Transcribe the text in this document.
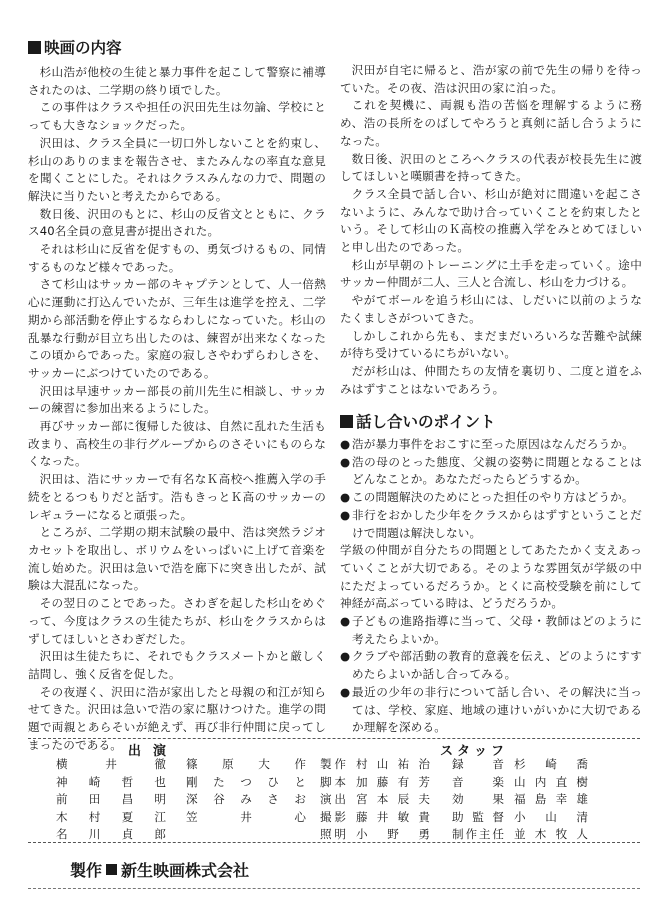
映画の内容

杉山浩が他校の生徒と暴力事件を起こして警察に補導されたのは、二学期の終り頃でした。

この事件はクラスや担任の沢田先生は勿論、学校にとっても大きなショックだった。

沢田は、クラス全員に一切口外しないことを約束し、杉山のありのままを報告させ、またみんなの率直な意見を聞くことにした。それはクラスみんなの力で、問題の解決に当りたいと考えたからである。

数日後、沢田のもとに、杉山の反省文とともに、クラス40名全員の意見書が提出された。

それは杉山に反省を促すもの、勇気づけるもの、同情するものなど様々であった。

さて杉山はサッカー部のキャプテンとして、人一倍熱心に運動に打込んでいたが、三年生は進学を控え、二学期から部活動を停止するならわしになっていた。杉山の乱暴な行動が目立ち出したのは、練習が出来なくなったこの頃からであった。家庭の寂しさやわずらわしさを、サッカーにぶつけていたのである。

沢田は早速サッカー部長の前川先生に相談し、サッカーの練習に参加出来るようにした。

再びサッカー部に復帰した彼は、自然に乱れた生活も改まり、高校生の非行グループからのさそいにものらなくなった。

沢田は、浩にサッカーで有名なＫ高校へ推薦入学の手続をとるつもりだと話す。浩もきっとＫ高のサッカーのレギュラーになると頑張った。

ところが、二学期の期末試験の最中、浩は突然ラジオカセットを取出し、ボリウムをいっぱいに上げて音楽を流し始めた。沢田は急いで浩を廊下に突き出したが、試験は大混乱になった。

その翌日のことであった。さわぎを起した杉山をめぐって、今度はクラスの生徒たちが、杉山をクラスからはずしてほしいとさわぎだした。

沢田は生徒たちに、それでもクラスメートかと厳しく詰問し、強く反省を促した。

その夜遅く、沢田に浩が家出したと母親の和江が知らせてきた。沢田は急いで浩の家に駆けつけた。進学の問題で両親とあらそいが絶えず、再び非行仲間に戻ってしまったのである。

沢田が自宅に帰ると、浩が家の前で先生の帰りを待っていた。その夜、浩は沢田の家に泊った。

これを契機に、両親も浩の苦悩を理解するように務め、浩の長所をのばしてやろうと真剣に話し合うようになった。

数日後、沢田のところへクラスの代表が校長先生に渡してほしいと嘆願書を持ってきた。

クラス全員で話し合い、杉山が絶対に間違いを起こさないように、みんなで助け合っていくことを約束したという。そして杉山のＫ高校の推薦入学をみとめてほしいと申し出たのであった。

杉山が早朝のトレーニングに土手を走っていく。途中サッカー仲間が二人、三人と合流し、杉山を力づける。

やがてボールを追う杉山には、しだいに以前のようなたくましさがついてきた。

しかしこれから先も、まだまだいろいろな苦難や試練が待ち受けているにちがいない。

だが杉山は、仲間たちの友情を裏切り、二度と道をふみはずすことはないであろう。

話し合いのポイント
● 浩が暴力事件をおこすに至った原因はなんだろうか。
● 浩の母のとった態度、父親の姿勢に問題となることはどんなことか。あなただったらどうするか。
● この問題解決のためにとった担任のやり方はどうか。
● 非行をおかした少年をクラスからはずすということだけで問題は解決しない。
学級の仲間が自分たちの問題としてあたたかく支えあっていくことが大切である。そのような雰囲気が学級の中にただよっているだろうか。とくに高校受験を前にして神経が高ぶっている時は、どうだろうか。
● 子どもの進路指導に当って、父母・教師はどのように考えたらよいか。
● クラブや部活動の教育的意義を伝え、どのようにすすめたらよいか話し合ってみる。
● 最近の少年の非行について話し合い、その解決に当っては、学校、家庭、地域の連けいがいかに大切であるか理解を深める。
出演	スタッフ
横井徹 篠原大作
神崎哲也 剛たつひと
前田昌明 深谷みさお
木村夏江 笠井心
名川貞郎
製作 村山祐治 録音 杉崎喬
脚本 加藤有芳 音楽 山内直樹
演出 宮本辰夫 効果 福島幸雄
撮影 藤井敏貴 助監督 小山清
照明 小野勇 制作主任 並木牧人
製作 新生映画株式会社
